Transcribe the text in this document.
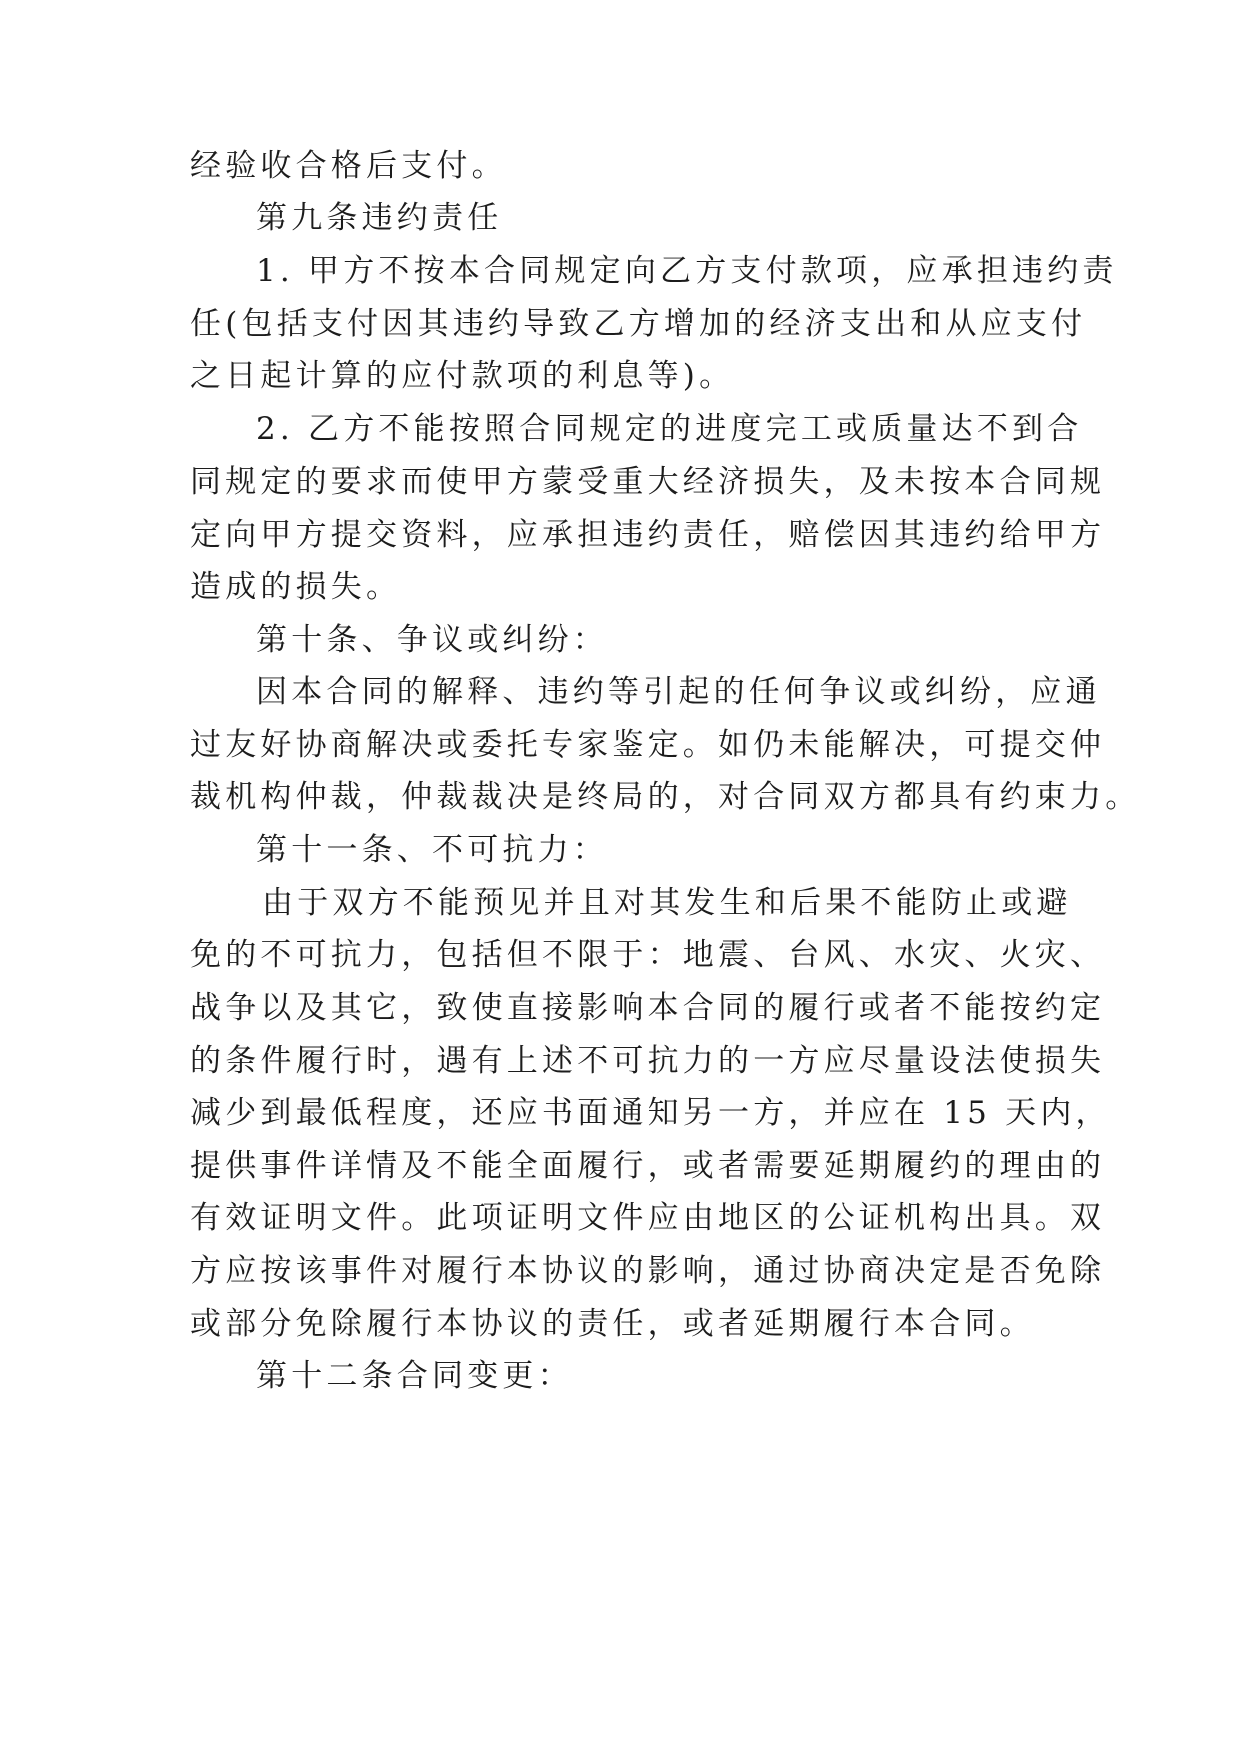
经验收合格后支付。
第九条违约责任
1. 甲方不按本合同规定向乙方支付款项，应承担违约责
任(包括支付因其违约导致乙方增加的经济支出和从应支付
之日起计算的应付款项的利息等)。
2. 乙方不能按照合同规定的进度完工或质量达不到合
同规定的要求而使甲方蒙受重大经济损失，及未按本合同规
定向甲方提交资料，应承担违约责任，赔偿因其违约给甲方
造成的损失。
第十条、争议或纠纷：
因本合同的解释、违约等引起的任何争议或纠纷，应通
过友好协商解决或委托专家鉴定。如仍未能解决，可提交仲
裁机构仲裁，仲裁裁决是终局的，对合同双方都具有约束力。
第十一条、不可抗力：
由于双方不能预见并且对其发生和后果不能防止或避
免的不可抗力，包括但不限于：地震、台风、水灾、火灾、
战争以及其它，致使直接影响本合同的履行或者不能按约定
的条件履行时，遇有上述不可抗力的一方应尽量设法使损失
减少到最低程度，还应书面通知另一方，并应在 15 天内，
提供事件详情及不能全面履行，或者需要延期履约的理由的
有效证明文件。此项证明文件应由地区的公证机构出具。双
方应按该事件对履行本协议的影响，通过协商决定是否免除
或部分免除履行本协议的责任，或者延期履行本合同。
第十二条合同变更：
